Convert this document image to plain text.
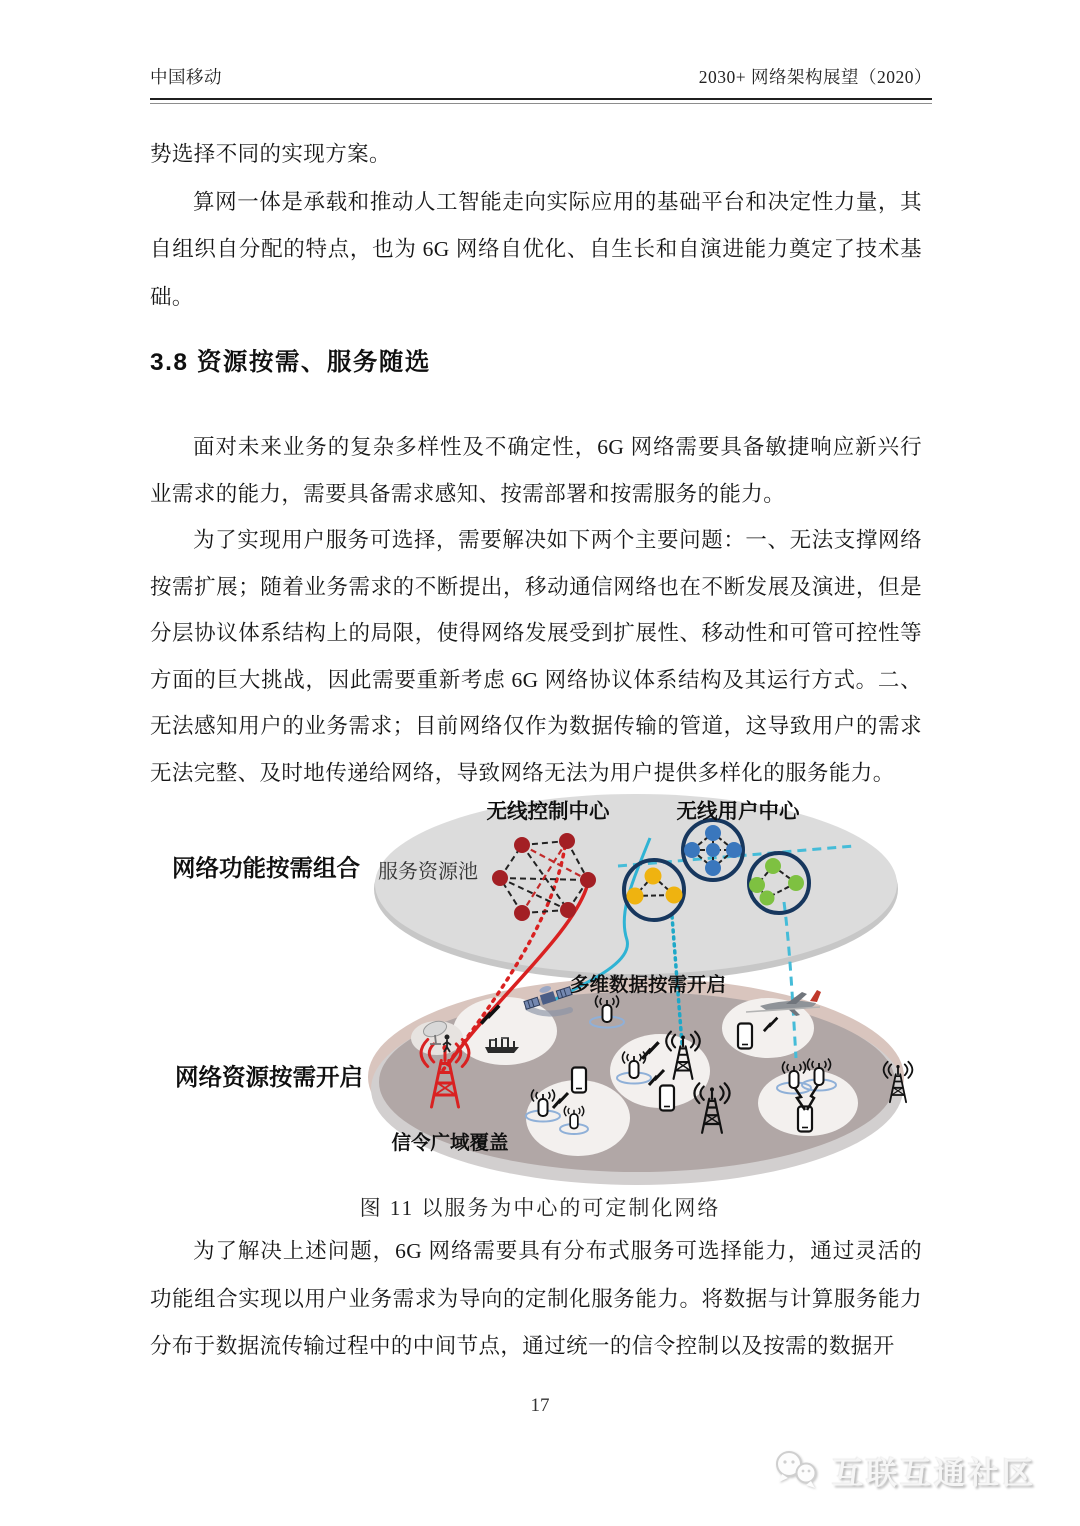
中国移动	2030+ 网络架构展望（2020）

势选择不同的实现方案。

算网一体是承载和推动人工智能走向实际应用的基础平台和决定性力量，其自组织自分配的特点，也为 6G 网络自优化、自生长和自演进能力奠定了技术基础。

3.8 资源按需、服务随选

面对未来业务的复杂多样性及不确定性，6G 网络需要具备敏捷响应新兴行业需求的能力，需要具备需求感知、按需部署和按需服务的能力。

为了实现用户服务可选择，需要解决如下两个主要问题：一、无法支撑网络按需扩展；随着业务需求的不断提出，移动通信网络也在不断发展及演进，但是分层协议体系结构上的局限，使得网络发展受到扩展性、移动性和可管可控性等方面的巨大挑战，因此需要重新考虑 6G 网络协议体系结构及其运行方式。二、无法感知用户的业务需求；目前网络仅作为数据传输的管道，这导致用户的需求无法完整、及时地传递给网络，导致网络无法为用户提供多样化的服务能力。

网络功能按需组合
网络资源按需开启
无线控制中心	无线用户中心
服务资源池
多维数据按需开启
信令广域覆盖

图 11 以服务为中心的可定制化网络

为了解决上述问题，6G 网络需要具有分布式服务可选择能力，通过灵活的功能组合实现以用户业务需求为导向的定制化服务能力。将数据与计算服务能力分布于数据流传输过程中的中间节点，通过统一的信令控制以及按需的数据开

17

互联互通社区
